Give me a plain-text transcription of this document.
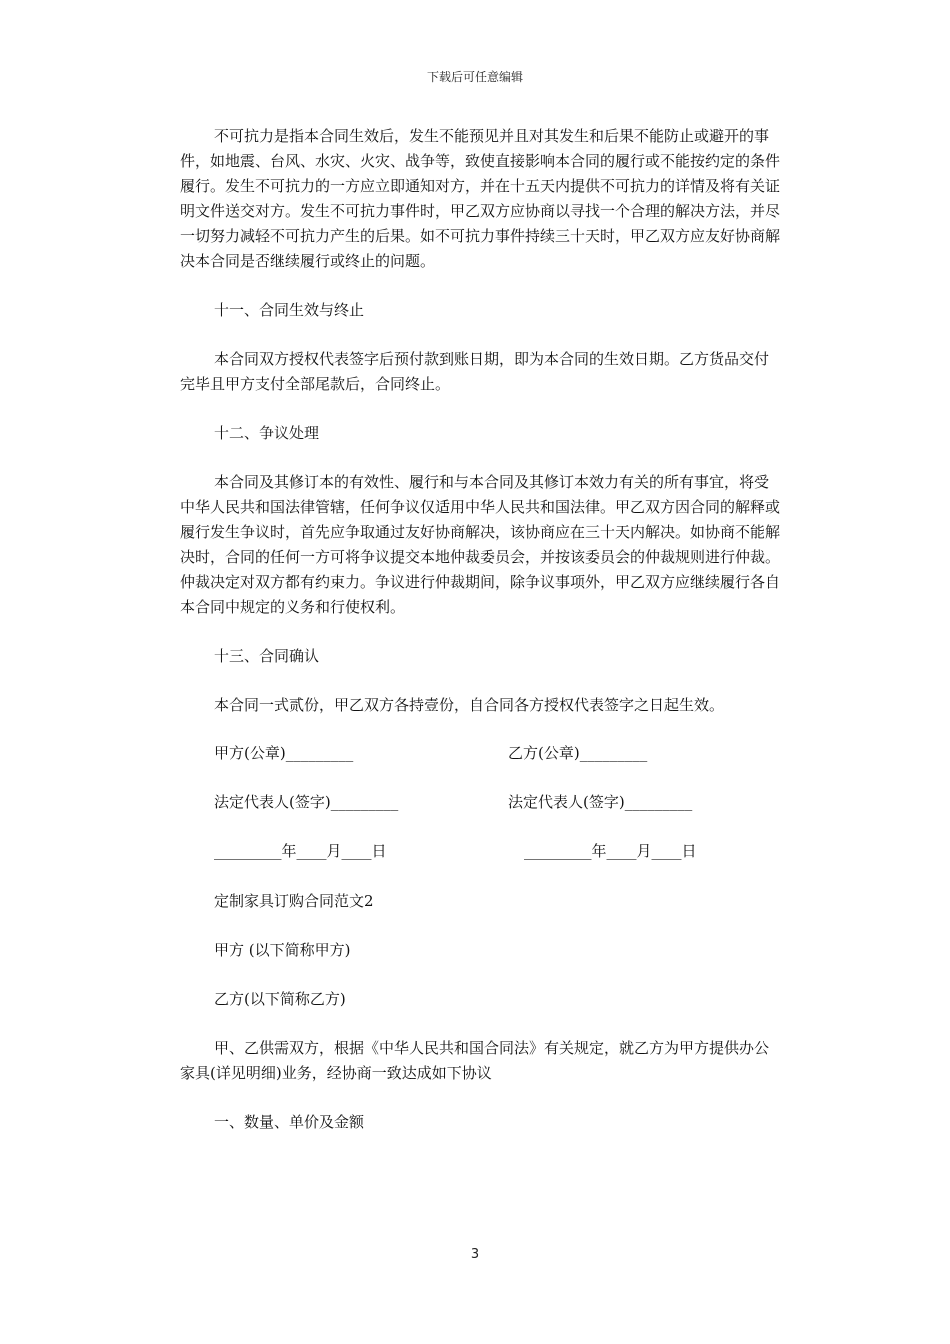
下载后可任意编辑

不可抗力是指本合同生效后，发生不能预见并且对其发生和后果不能防止或避开的事件，如地震、台风、水灾、火灾、战争等，致使直接影响本合同的履行或不能按约定的条件履行。发生不可抗力的一方应立即通知对方，并在十五天内提供不可抗力的详情及将有关证明文件送交对方。发生不可抗力事件时，甲乙双方应协商以寻找一个合理的解决方法，并尽一切努力减轻不可抗力产生的后果。如不可抗力事件持续三十天时，甲乙双方应友好协商解决本合同是否继续履行或终止的问题。

十一、合同生效与终止

本合同双方授权代表签字后预付款到账日期，即为本合同的生效日期。乙方货品交付完毕且甲方支付全部尾款后，合同终止。

十二、争议处理

本合同及其修订本的有效性、履行和与本合同及其修订本效力有关的所有事宜，将受中华人民共和国法律管辖，任何争议仅适用中华人民共和国法律。甲乙双方因合同的解释或履行发生争议时，首先应争取通过友好协商解决，该协商应在三十天内解决。如协商不能解决时，合同的任何一方可将争议提交本地仲裁委员会，并按该委员会的仲裁规则进行仲裁。仲裁决定对双方都有约束力。争议进行仲裁期间，除争议事项外，甲乙双方应继续履行各自本合同中规定的义务和行使权利。

十三、合同确认

本合同一式贰份，甲乙双方各持壹份，自合同各方授权代表签字之日起生效。

甲方(公章)_________	乙方(公章)_________
法定代表人(签字)_________	法定代表人(签字)_________
_________年____月____日	_________年____月____日

定制家具订购合同范文2

甲方 (以下简称甲方)

乙方(以下简称乙方)

甲、乙供需双方，根据《中华人民共和国合同法》有关规定，就乙方为甲方提供办公家具(详见明细)业务，经协商一致达成如下协议

一、数量、单价及金额

3
